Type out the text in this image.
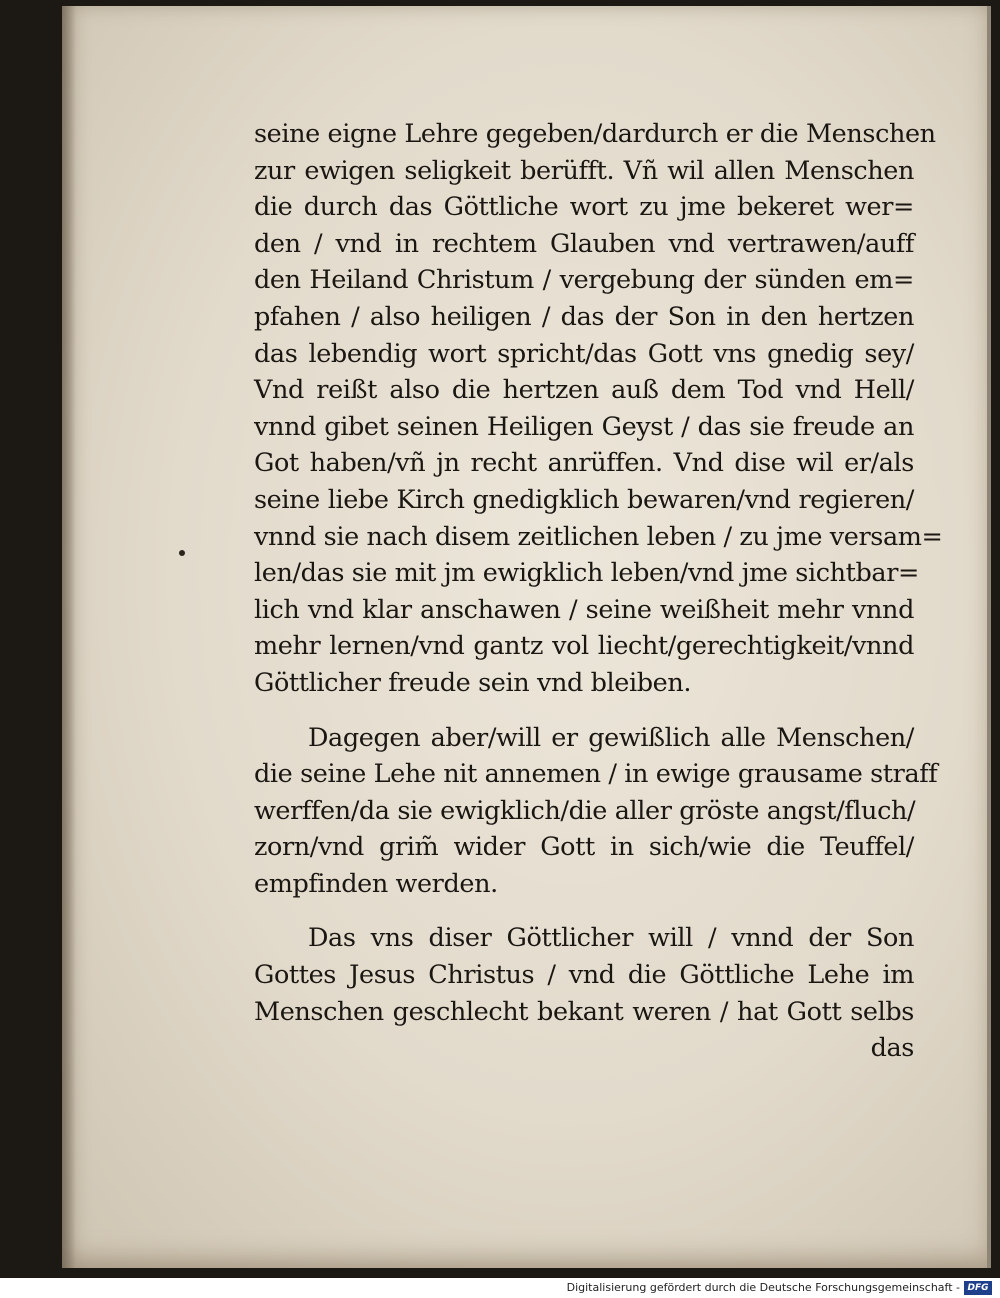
seine eigne Lehre gegeben/dardurch er die Menschen
zur ewigen seligkeit berüfft. Vñ wil allen Menschen
die durch das Göttliche wort zu jme bekeret wer=
den / vnd in rechtem Glauben vnd vertrawen/auff
den Heiland Christum / vergebung der sünden em=
pfahen / also heiligen / das der Son in den hertzen
das lebendig wort spricht/das Gott vns gnedig sey/
Vnd reißt also die hertzen auß dem Tod vnd Hell/
vnnd gibet seinen Heiligen Geyst / das sie freude an
Got haben/vñ jn recht anrüffen. Vnd dise wil er/als
seine liebe Kirch gnedigklich bewaren/vnd regieren/
vnnd sie nach disem zeitlichen leben / zu jme versam=
len/das sie mit jm ewigklich leben/vnd jme sichtbar=
lich vnd klar anschawen / seine weißheit mehr vnnd
mehr lernen/vnd gantz vol liecht/gerechtigkeit/vnnd
Göttlicher freude sein vnd bleiben.
Dagegen aber/will er gewißlich alle Menschen/
die seine Lehe nit annemen / in ewige grausame straff
werffen/da sie ewigklich/die aller gröste angst/fluch/
zorn/vnd grim̃ wider Gott in sich/wie die Teuffel/
empfinden werden.
Das vns diser Göttlicher will / vnnd der Son
Gottes Jesus Christus / vnd die Göttliche Lehe im
Menschen geschlecht bekant weren / hat Gott selbs
das
Digitalisierung gefördert durch die Deutsche Forschungsgemeinschaft - DFG
